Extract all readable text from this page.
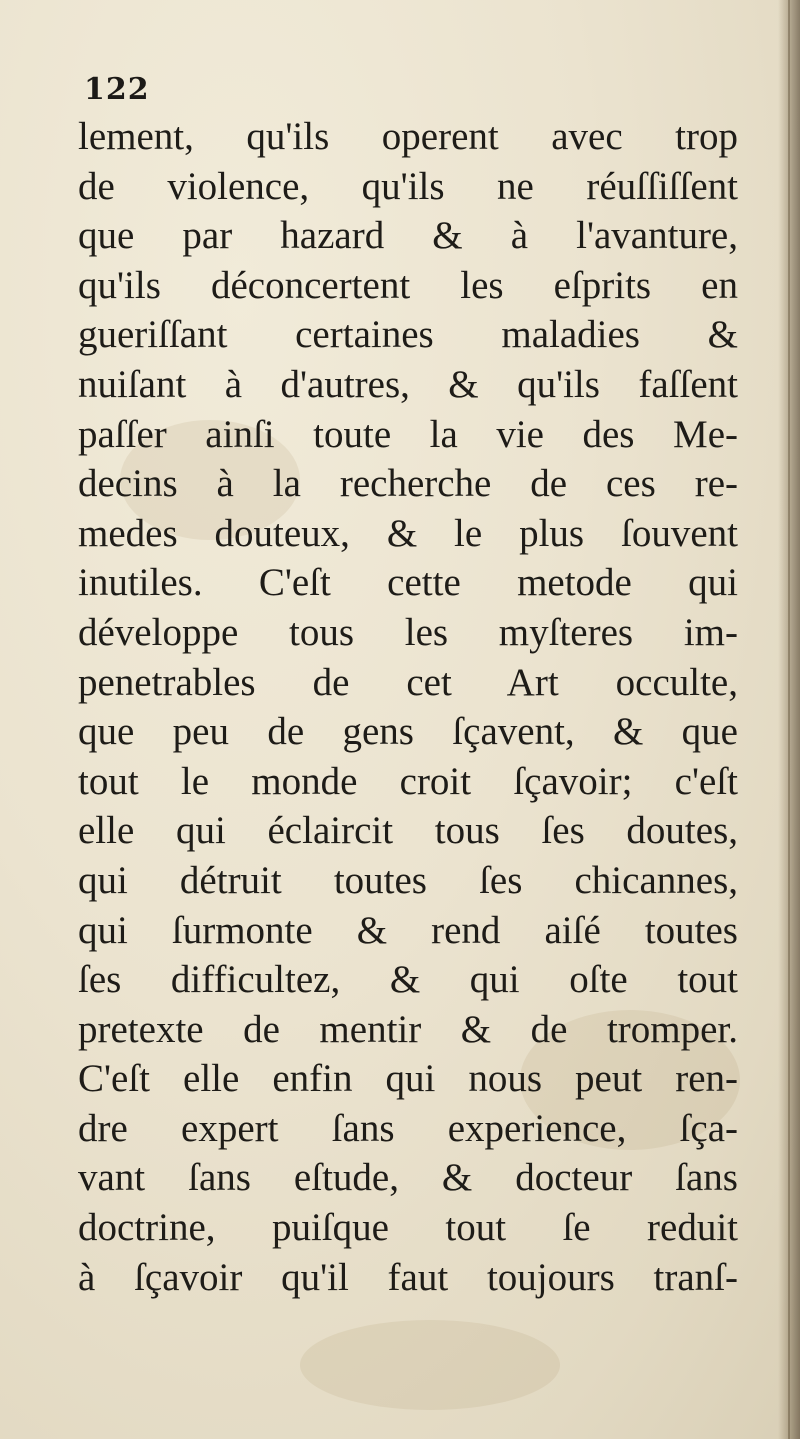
122
lement, qu'ils operent avec trop
de violence, qu'ils ne réuſſiſſent
que par hazard & à l'avanture,
qu'ils déconcertent les eſprits en
gueriſſant certaines maladies &
nuiſant à d'autres, & qu'ils faſſent
paſſer ainſi toute la vie des Me-
decins à la recherche de ces re-
medes douteux, & le plus ſouvent
inutiles. C'eſt cette metode qui
développe tous les myſteres im-
penetrables de cet Art occulte,
que peu de gens ſçavent, & que
tout le monde croit ſçavoir; c'eſt
elle qui éclaircit tous ſes doutes,
qui détruit toutes ſes chicannes,
qui ſurmonte & rend aiſé toutes
ſes difficultez, & qui oſte tout
pretexte de mentir & de tromper.
C'eſt elle enfin qui nous peut ren-
dre expert ſans experience, ſça-
vant ſans eſtude, & docteur ſans
doctrine, puiſque tout ſe reduit
à ſçavoir qu'il faut toujours tranſ-
